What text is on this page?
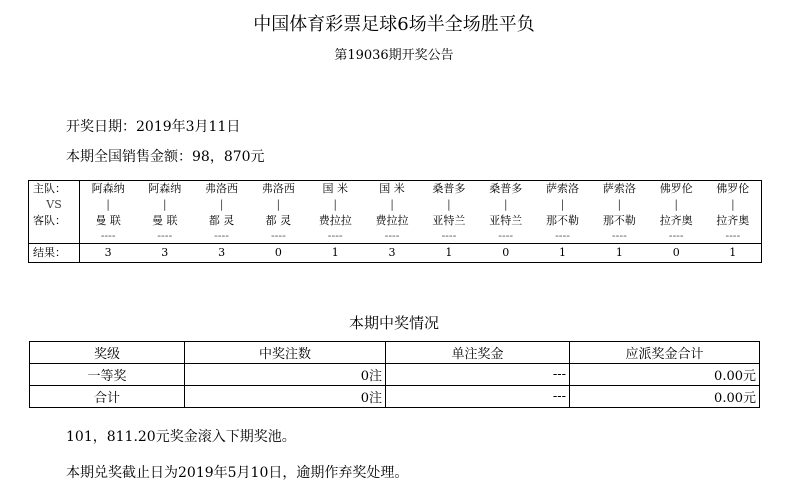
中国体育彩票足球6场半全场胜平负
第19036期开奖公告
开奖日期：2019年3月11日
本期全国销售金额：98，870元
主队：	阿森纳	阿森纳	弗洛西	弗洛西	国 米	国 米	桑普多	桑普多	萨索洛	萨索洛	佛罗伦	佛罗伦
VS	|	|	|	|	|	|	|	|	|	|	|	|
客队：	曼 联	曼 联	都 灵	都 灵	费拉拉	费拉拉	亚特兰	亚特兰	那不勒	那不勒	拉齐奥	拉齐奥
	----	----	----	----	----	----	----	----	----	----	----	----
结果：	3	3	3	0	1	3	1	0	1	1	0	1
本期中奖情况
奖级	中奖注数	单注奖金	应派奖金合计
一等奖	0注	---	0.00元
合计	0注	---	0.00元
101，811.20元奖金滚入下期奖池。
本期兑奖截止日为2019年5月10日，逾期作弃奖处理。
